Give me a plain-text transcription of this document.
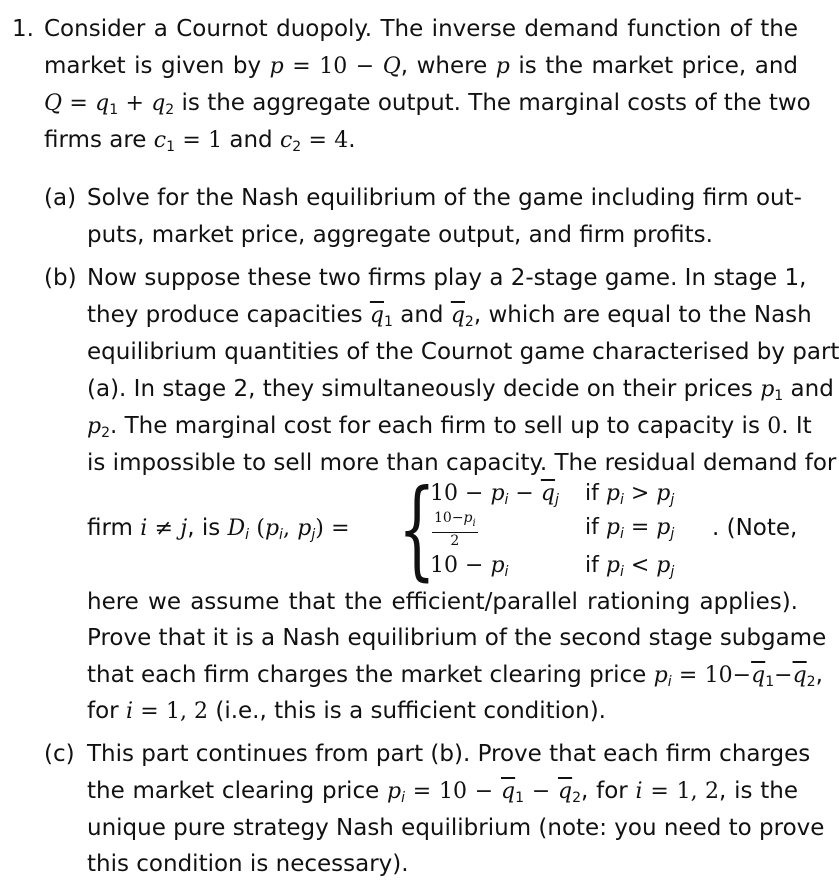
1. Consider a Cournot duopoly. The inverse demand function of the
market is given by p = 10 − Q, where p is the market price, and
$Q = q_1 + q_2$ is the aggregate output. The marginal costs of the two
firms are $c_1 = 1$ and $c_2 = 4$.
(a) Solve for the Nash equilibrium of the game including firm out-
puts, market price, aggregate output, and firm profits.
(b) Now suppose these two firms play a 2-stage game. In stage 1,
they produce capacities $\overline{q}_1$ and $\overline{q}_2$, which are equal to the Nash
equilibrium quantities of the Cournot game characterised by part
(a). In stage 2, they simultaneously decide on their prices $p_1$ and
$p_2$. The marginal cost for each firm to sell up to capacity is 0. It
is impossible to sell more than capacity. The residual demand for
firm i ≠ j, is Di (pi, pj) = {
10 − pi − $\overline{q}j$ if pi > pj
$\frac{10-p_i}{2}$	if pi = pj
10 − pi	if pi < pj
. (Note,
here we assume that the efficient/parallel rationing applies).
Prove that it is a Nash equilibrium of the second stage subgame
that each firm charges the market clearing price pi = $10-\overline{q}_1-\overline{q}_2$,
for i = 1, 2 (i.e., this is a sufficient condition).
(c) This part continues from part (b). Prove that each firm charges
the market clearing price pi = $10 - \overline{q}_1 - \overline{q}_2$, for i = 1, 2, is the
unique pure strategy Nash equilibrium (note: you need to prove
this condition is necessary).
